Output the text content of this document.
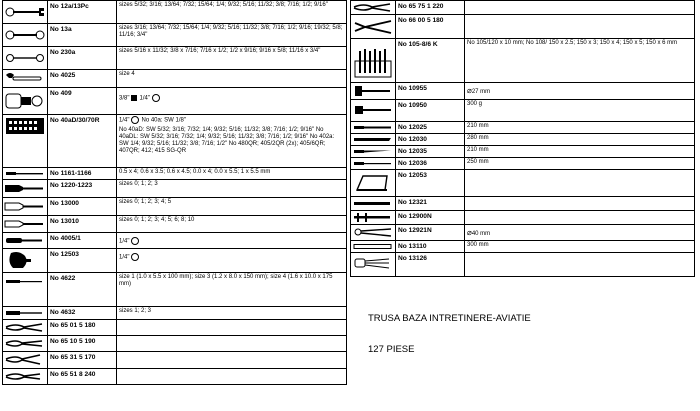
	No 12a/13Pc	sizes 5/32; 3/16; 13/64; 7/32; 15/64; 1/4; 9/32; 5/16; 11/32; 3/8; 7/16; 1/2; 9/16"

	No 13a	sizes 3/16; 13/64; 7/32; 15/64; 1/4; 9/32; 5/16; 11/32; 3/8; 7/16; 1/2; 9/16; 19/32; 5/8; 11/16; 3/4"

	No 230a	sizes 5/16 x 11/32; 3/8 x 7/16; 7/16 x 1/2; 1/2 x 9/16; 9/16 x 5/8; 11/16 x 3/4"

	No 4025	size 4

	No 409	3/8" 1/4"

	No 40aD/30/70R	1/4" No 40a: SW 1/8"
No 40aD: SW 5/32; 3/16; 7/32; 1/4; 9/32; 5/16; 11/32; 3/8; 7/16; 1/2; 9/16" No 40aDL: SW 5/32; 3/16; 7/32; 1/4; 9/32; 5/16; 11/32; 3/8; 7/16; 1/2; 9/16" No 402a: SW 1/4; 9/32; 5/16; 11/32; 3/8; 7/16; 1/2" No 480QR; 405/2QR (2x); 405/6QR; 407QR; 412; 415 SG-QR

	No 1161-1166	0.5 x 4; 0.6 x 3.5; 0.6 x 4.5; 0.0 x 4; 0.0 x 5.5; 1 x 5.5 mm

	No 1220-1223	sizes 0; 1; 2; 3

	No 13000	sizes 0; 1; 2; 3; 4; 5

	No 13010	sizes 0; 1; 2; 3; 4; 5; 6; 8; 10

	No 4005/1	1/4"

	No 12503	1/4"

	No 4622	size 1 (1.0 x 5.5 x 100 mm); size 3 (1.2 x 8.0 x 150 mm); size 4 (1.6 x 10.0 x 175 mm)

	No 4632	sizes 1; 2; 3

	No 65 01 5 180	

	No 65 10 5 190	

	No 65 31 5 170	

	No 65 51 8 240	
	No 65 75 1 220	

	No 66 00 5 180	

	No 105-8/6 K	No 105/120 x 10 mm; No 108/ 150 x 2.5; 150 x 3; 150 x 4; 150 x 5; 150 x 6 mm

	No 10955	⌀27 mm

	No 10950	300 g

	No 12025	210 mm

	No 12030	280 mm

	No 12035	210 mm

	No 12036	250 mm

	No 12053	

	No 12321	

	No 12900N	

	No 12921N	⌀40 mm

	No 13110	300 mm

	No 13126	
TRUSA BAZA INTRETINERE-AVIATIE
127 PIESE
